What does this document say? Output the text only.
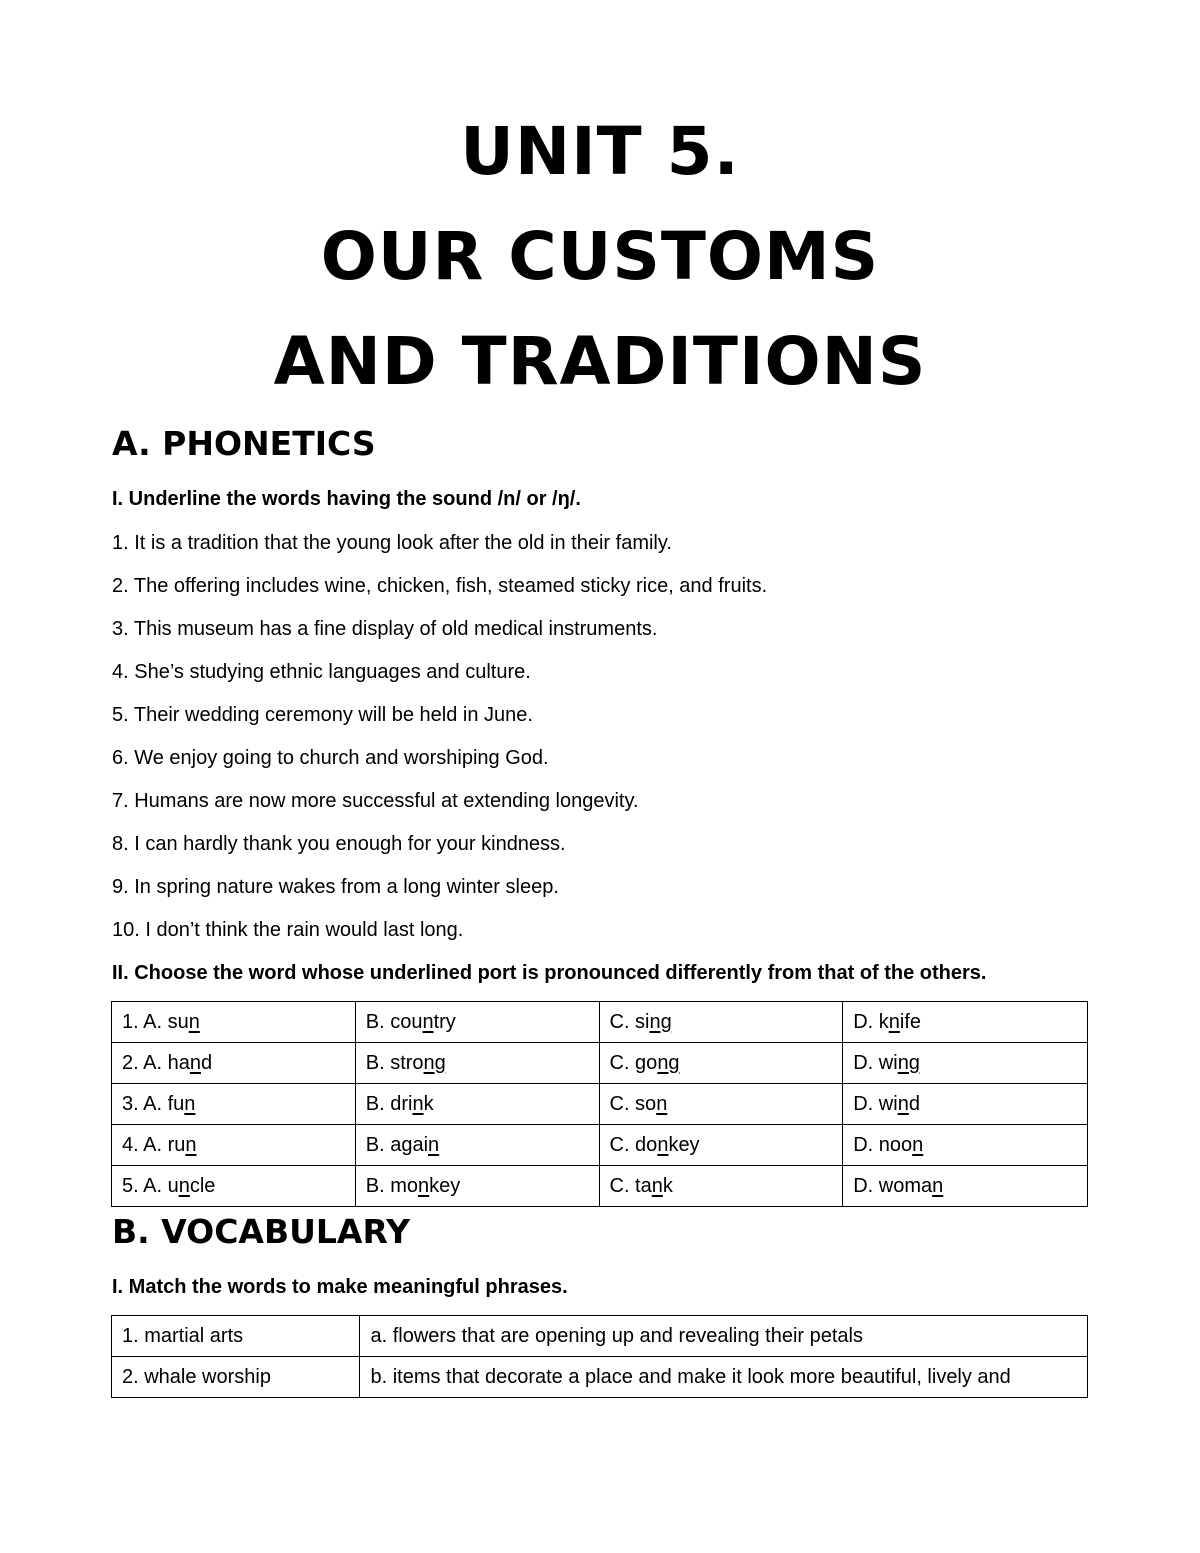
UNIT 5.
OUR CUSTOMS
AND TRADITIONS
A. PHONETICS
I. Underline the words having the sound /n/ or /ŋ/.
1. It is a tradition that the young look after the old in their family.
2. The offering includes wine, chicken, fish, steamed sticky rice, and fruits.
3. This museum has a fine display of old medical instruments.
4. She’s studying ethnic languages and culture.
5. Their wedding ceremony will be held in June.
6. We enjoy going to church and worshiping God.
7. Humans are now more successful at extending longevity.
8. I can hardly thank you enough for your kindness.
9. In spring nature wakes from a long winter sleep.
10. I don’t think the rain would last long.
II. Choose the word whose underlined port is pronounced differently from that of the others.
1. A. sun	B. country	C. sing	D. knife
2. A. hand	B. strong	C. gong	D. wing
3. A. fun	B. drink	C. son	D. wind
4. A. run	B. again	C. donkey	D. noon
5. A. uncle	B. monkey	C. tank	D. woman
B. VOCABULARY
I. Match the words to make meaningful phrases.
1. martial arts	a. flowers that are opening up and revealing their petals
2. whale worship	b. items that decorate a place and make it look more beautiful, lively and
